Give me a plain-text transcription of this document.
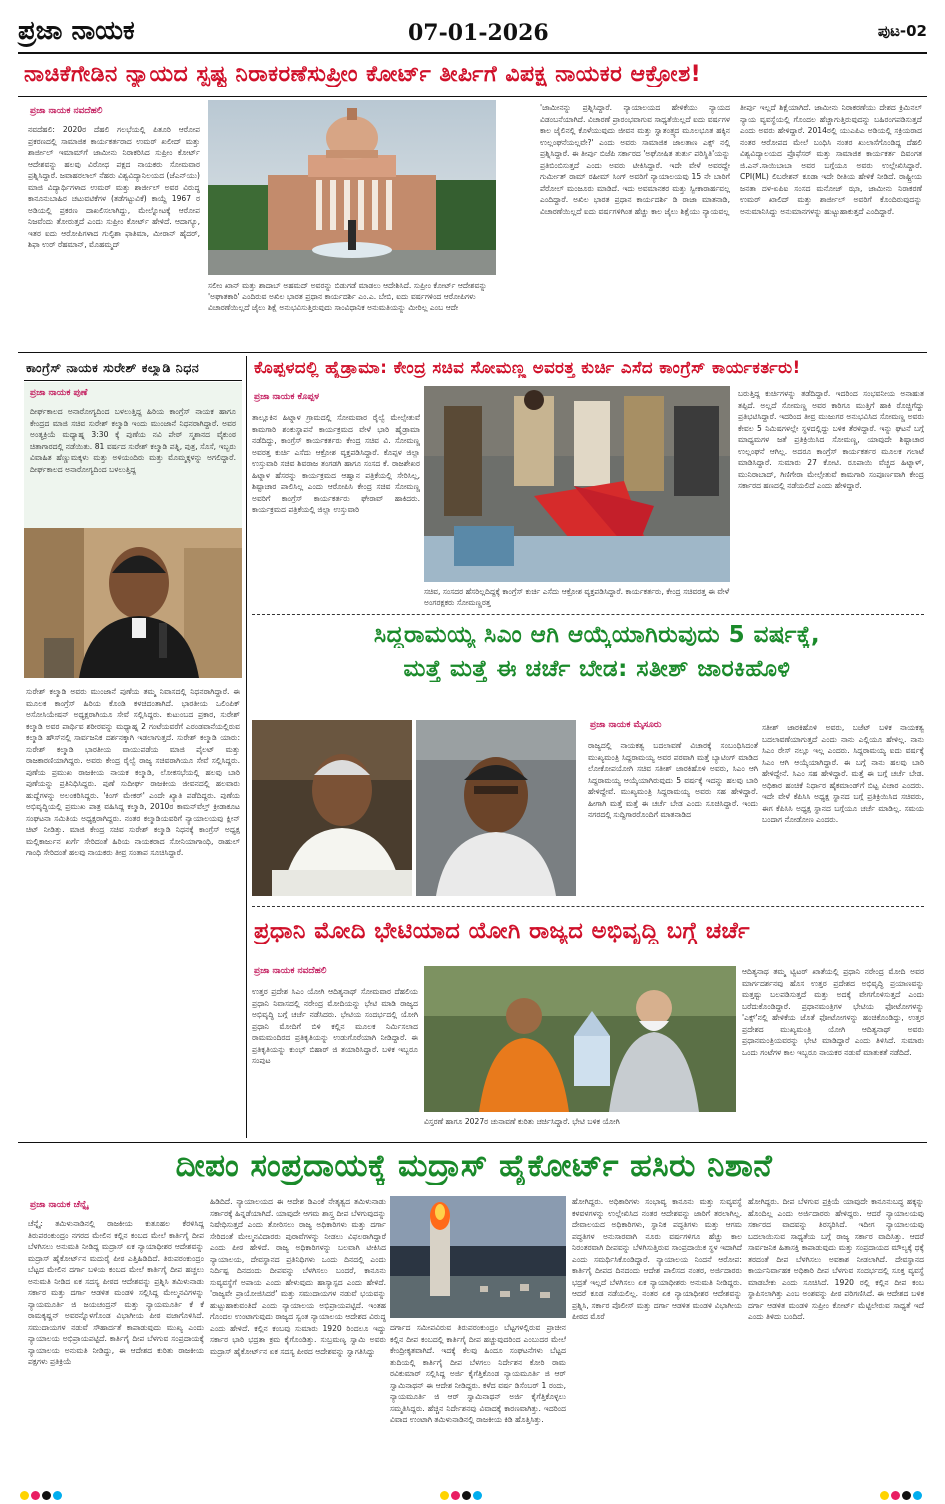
ಪ್ರಜಾ ನಾಯಕ	07-01-2026	ಪುಟ-02
ನಾಚಿಕೆಗೇಡಿನ ನ್ಯಾಯದ ಸ್ಪಷ್ಟ ನಿರಾಕರಣೆಸುಪ್ರೀಂ ಕೋರ್ಟ್ ತೀರ್ಪಿಗೆ ವಿಪಕ್ಷ ನಾಯಕರ ಆಕ್ರೋಶ!
ಪ್ರಜಾ ನಾಯಕ ನವದೆಹಲಿ
ನವದೆಹಲಿ: 2020ರ ದೆಹಲಿ ಗಲಭೆಯಲ್ಲಿ ಪಿತೂರಿ ಆರೋಪ ಪ್ರಕರಣದಲ್ಲಿ ಸಾಮಾಜಿಕ ಕಾರ್ಯಕರ್ತರಾದ ಉಮರ್ ಖಲೀದ್ ಮತ್ತು ಶಾರ್ಜೀಲ್ ಇಮಾಮ್‌ಗೆ ಜಾಮೀನು ನಿರಾಕರಿಸಿದ ಸುಪ್ರೀಂ ಕೋರ್ಟ್ ಆದೇಶವನ್ನು ಹಲವು ವಿರೋಧ ಪಕ್ಷದ ನಾಯಕರು ಸೋಮವಾರ ಪ್ರಶ್ನಿಸಿದ್ದಾರೆ. ಜವಾಹರಲಾಲ್ ನೆಹರು ವಿಶ್ವವಿದ್ಯಾನಿಲಯದ (ಜೆಎನ್‌ಯು) ಮಾಜಿ ವಿದ್ಯಾರ್ಥಿಗಳಾದ ಉಮರ್ ಮತ್ತು ಶಾರ್ಜೀಲ್ ಅವರ ವಿರುದ್ಧ ಕಾನೂನುಬಾಹಿರ ಚಟುವಟಿಕೆಗಳ (ತಡೆಗಟ್ಟುವಿಕೆ) ಕಾಯ್ದೆ 1967 ರ ಅಡಿಯಲ್ಲಿ ಪ್ರಕರಣ ದಾಖಲಿಸಲಾಗಿದ್ದು, ಮೇಲ್ನೋಟಕ್ಕೆ ಆರೋಪ ನಿಜವೆಂದು ತೋರುತ್ತದೆ ಎಂದು ಸುಪ್ರೀಂ ಕೋರ್ಟ್ ಹೇಳಿದೆ. ಆದಾಗ್ಯೂ, ಇತರ ಐದು ಆರೋಪಿಗಳಾದ ಗುಲ್ಫಿಶಾ ಫಾತಿಮಾ, ಮೀರಾನ್ ಹೈದರ್, ಶಿಫಾ ಉರ್ ರೆಹಮಾನ್, ಮೊಹಮ್ಮದ್
ಸಲೀಂ ಖಾನ್ ಮತ್ತು ಶಾದಾಬ್ ಅಹಮದ್ ಅವರನ್ನು ಬಿಡುಗಡೆ ಮಾಡಲು ಆದೇಶಿಸಿದೆ. ಸುಪ್ರೀಂ ಕೋರ್ಟ್ ಆದೇಶವನ್ನು 'ಅಘಾತಕಾರಿ' ಎಂದಿರುವ ಅಖಿಲ ಭಾರತ ಪ್ರಧಾನ ಕಾರ್ಯದರ್ಶಿ ಎಂ.ಎ. ಬೇಬಿ, ಐದು ವರ್ಷಗಳಿಂದ ಆರೋಪಿಗಳು ವಿಚಾರಣೆಯಿಲ್ಲದೆ ಜೈಲು ಶಿಕ್ಷೆ ಅನುಭವಿಸುತ್ತಿರುವುದು ಸಾಂವಿಧಾನಿಕ ಅನುಮತಿಯನ್ನು ಮೀರಿಲ್ಲ ಎಂಬ ಆದೇ
'ಜಾಮೀನನ್ನು ಪ್ರಶ್ನಿಸಿದ್ದಾರೆ. ನ್ಯಾಯಾಲಯದ ಹೇಳಿಕೆಯು ನ್ಯಾಯದ ವಿಡಂಬನೆಯಾಗಿದೆ. ವಿಚಾರಣೆ ಪ್ರಾರಂಭವಾಗುವ ಸಾಧ್ಯತೆಯಿಲ್ಲದೆ ಐದು ವರ್ಷಗಳ ಕಾಲ ಜೈಲಿನಲ್ಲಿ ಕೊಳೆಯುವುದು ಜೀವನ ಮತ್ತು ಸ್ವಾತಂತ್ರ್ಯದ ಮೂಲಭೂತ ಹಕ್ಕಿನ ಉಲ್ಲಂಘನೆಯಲ್ಲವೇ?' ಎಂದು ಅವರು ಸಾಮಾಜಿಕ ಜಾಲತಾಣ ಎಕ್ಸ್ ನಲ್ಲಿ ಪ್ರಶ್ನಿಸಿದ್ದಾರೆ. ಈ ತೀರ್ಪು ಬಿಜೆಪಿ ಸರ್ಕಾರದ 'ಅಘೋಷಿತ ತುರ್ತು ಪರಿಸ್ಥಿತಿ'ಯನ್ನು ಪ್ರತಿಬಿಂಬಿಸುತ್ತದೆ ಎಂದು ಅವರು ಟೀಕಿಸಿದ್ದಾರೆ. ಇದೇ ವೇಳೆ ಅವರದ್ದೇ ಗುರ್ಮೀತ್ ರಾಮ್ ರಹೀಮ್ ಸಿಂಗ್ ಅವರಿಗೆ ನ್ಯಾಯಾಲಯವು 15 ನೇ ಬಾರಿಗೆ ಪೆರೋಲ್ ಮಂಜೂರು ಮಾಡಿದೆ. ಇದು ಅವಮಾನಕರ ಮತ್ತು ಸ್ವೀಕಾರಾರ್ಹವಲ್ಲ ಎಂದಿದ್ದಾರೆ. ಅಖಿಲ ಭಾರತ ಪ್ರಧಾನ ಕಾರ್ಯದರ್ಶಿ ಡಿ ರಾಜಾ ಮಾತನಾಡಿ, ವಿಚಾರಣೆಯಿಲ್ಲದೆ ಐದು ವರ್ಷಗಳಿಗಿಂತ ಹೆಚ್ಚು ಕಾಲ ಜೈಲು ಶಿಕ್ಷೆಯು ನ್ಯಾಯವಲ್ಲ
ತೀರ್ಪು ಇಲ್ಲದೆ ಶಿಕ್ಷೆಯಾಗಿದೆ. ಜಾಮೀನು ನಿರಾಕರಣೆಯು ದೇಶದ ಕ್ರಿಮಿನಲ್ ನ್ಯಾಯ ವ್ಯವಸ್ಥೆಯಲ್ಲಿ ಗೊಂದಲ ಹೆಚ್ಚಾಗುತ್ತಿರುವುದನ್ನು ಬಹಿರಂಗಪಡಿಸುತ್ತದೆ ಎಂದು ಅವರು ಹೇಳಿದ್ದಾರೆ. 2014ರಲ್ಲಿ ಯುಎಪಿಎ ಅಡಿಯಲ್ಲಿ ಸಕ್ರಿಯರಾದ ನಂತರ ಆರೋಪದ ಮೇಲೆ ಬಂಧಿಸಿ ನಂತರ ಖುಲಾಸೆಗೊಂಡಿದ್ದ ದೆಹಲಿ ವಿಶ್ವವಿದ್ಯಾಲಯದ ಪ್ರೊಫೆಸರ್ ಮತ್ತು ಸಾಮಾಜಿಕ ಕಾರ್ಯಕರ್ತ ದಿವಂಗತ ಜಿ.ಎನ್.ಸಾಯಿಬಾಬಾ ಅವರ ಬಗ್ಗೆಯೂ ಅವರು ಉಲ್ಲೇಖಿಸಿದ್ದಾರೆ. CPI(ML) ಲಿಬರೇಶನ್ ಕೂಡಾ ಇದೇ ರೀತಿಯ ಹೇಳಿಕೆ ನೀಡಿದೆ. ರಾಷ್ಟ್ರೀಯ ಜನತಾ ದಳ-ಏಪಿಐ ಸಂಸದ ಮನೋಜ್ ಝಾ, ಜಾಮೀನು ನಿರಾಕರಣೆ ಉಮರ್ ಖಾಲಿದ್ ಮತ್ತು ಶಾರ್ಜೀಲ್ ಅವರಿಗೆ ಕೊಂದಿರುವುದನ್ನು ಅನುಮಾನಿಸಿದ್ದು ಅನುಮಾನಗಳನ್ನು ಹುಟ್ಟುಹಾಕುತ್ತದೆ ಎಂದಿದ್ದಾರೆ.
ಕಾಂಗ್ರೆಸ್ ನಾಯಕ ಸುರೇಶ್ ಕಲ್ಮಾಡಿ ನಿಧನ
ಪ್ರಜಾ ನಾಯಕ ಪುಣೆ
ದೀರ್ಘಕಾಲದ ಅನಾರೋಗ್ಯದಿಂದ ಬಳಲುತ್ತಿದ್ದ ಹಿರಿಯ ಕಾಂಗ್ರೆಸ್ ನಾಯಕ ಹಾಗೂ ಕೇಂದ್ರದ ಮಾಜಿ ಸಚಿವ ಸುರೇಶ್ ಕಲ್ಮಾಡಿ ಇಂದು ಮುಂಜಾನೆ ನಿಧನರಾಗಿದ್ದಾರೆ. ಅವರ ಅಂತ್ಯಕ್ರಿಯೆ ಮಧ್ಯಾಹ್ನ 3:30 ಕ್ಕೆ ಪುಣೆಯ ನವಿ ಪೇಠ್ ಸ್ಮಶಾನದ ವೈಕುಂಠ ಚಿತಾಗಾರದಲ್ಲಿ ನಡೆಯಿತು. 81 ವರ್ಷದ ಸುರೇಶ್ ಕಲ್ಮಾಡಿ ಪತ್ನಿ, ಪುತ್ರ, ಸೊಸೆ, ಇಬ್ಬರು ವಿವಾಹಿತ ಹೆಣ್ಣುಮಕ್ಕಳು ಮತ್ತು ಅಳಿಯಂದಿರು ಮತ್ತು ಮೊಮ್ಮಕ್ಕಳನ್ನು ಅಗಲಿದ್ದಾರೆ. ದೀರ್ಘಕಾಲದ ಅನಾರೋಗ್ಯದಿಂದ ಬಳಲುತ್ತಿದ್ದ
ಸುರೇಶ್ ಕಲ್ಮಾಡಿ ಅವರು ಮುಂಜಾನೆ ಪುಣೆಯ ತಮ್ಮ ನಿವಾಸದಲ್ಲಿ ನಿಧನರಾಗಿದ್ದಾರೆ. ಈ ಮೂಲಕ ಕಾಂಗ್ರೆಸ್ ಹಿರಿಯ ಕೊಂಡಿ ಕಳಚಿದಂತಾಗಿದೆ. ಭಾರತೀಯ ಒಲಿಂಪಿಕ್ ಅಸೋಸಿಯೇಷನ್ ಅಧ್ಯಕ್ಷರಾಗಿಯೂ ಸೇವೆ ಸಲ್ಲಿಸಿದ್ದರು. ಕುಟುಂಬದ ಪ್ರಕಾರ, ಸುರೇಶ್ ಕಲ್ಮಾಡಿ ಅವರ ಪಾರ್ಥಿವ ಶರೀರವನ್ನು ಮಧ್ಯಾಹ್ನ 2 ಗಂಟೆಯವರೆಗೆ ಎರಂಡವಾನೆಯಲ್ಲಿರುವ ಕಲ್ಮಾಡಿ ಹೌಸ್‌ನಲ್ಲಿ ಸಾರ್ವಜನಿಕ ದರ್ಶನಕ್ಕಾಗಿ ಇಡಲಾಗುತ್ತದೆ. ಸುರೇಶ್ ಕಲ್ಮಾಡಿ ಯಾರು: ಸುರೇಶ್ ಕಲ್ಮಾಡಿ ಭಾರತೀಯ ವಾಯುಪಡೆಯ ಮಾಜಿ ಪೈಲಟ್ ಮತ್ತು ರಾಜಕಾರಣಿಯಾಗಿದ್ದರು. ಅವರು ಕೇಂದ್ರ ರೈಲ್ವೆ ರಾಜ್ಯ ಸಚಿವರಾಗಿಯೂ ಸೇವೆ ಸಲ್ಲಿಸಿದ್ದರು. ಪುಣೆಯ ಪ್ರಮುಖ ರಾಜಕೀಯ ನಾಯಕ ಕಲ್ಮಾಡಿ, ಲೋಕಸಭೆಯಲ್ಲಿ ಹಲವು ಬಾರಿ ಪುಣೆಯನ್ನು ಪ್ರತಿನಿಧಿಸಿದ್ದರು. ಪುಣೆ ಸುದೀರ್ಘ ರಾಜಕೀಯ ಜೀವನದಲ್ಲಿ ಹಲವಾರು ಹುದ್ದೆಗಳನ್ನು ಅಲಂಕರಿಸಿದ್ದರು. 'ಕಿಂಗ್ ಮೇಕರ್' ಎಂದೇ ಖ್ಯಾತಿ ಪಡೆದಿದ್ದರು. ಪುಣೆಯ ಅಭಿವೃದ್ಧಿಯಲ್ಲಿ ಪ್ರಮುಖ ಪಾತ್ರ ವಹಿಸಿದ್ದ ಕಲ್ಮಾಡಿ, 2010ರ ಕಾಮನ್‌ವೆಲ್ತ್ ಕ್ರೀಡಾಕೂಟ ಸಂಘಟನಾ ಸಮಿತಿಯ ಅಧ್ಯಕ್ಷರಾಗಿದ್ದರು. ನಂತರ ಕಲ್ಮಾಡಿಯವರಿಗೆ ನ್ಯಾಯಾಲಯವು ಕ್ಲೀನ್ ಚಿಟ್ ನೀಡಿತ್ತು. ಮಾಜಿ ಕೇಂದ್ರ ಸಚಿವ ಸುರೇಶ್ ಕಲ್ಮಾಡಿ ನಿಧನಕ್ಕೆ ಕಾಂಗ್ರೆಸ್ ಅಧ್ಯಕ್ಷ ಮಲ್ಲಿಕಾರ್ಜುನ ಖರ್ಗೆ ಸೇರಿದಂತೆ ಹಿರಿಯ ನಾಯಕರಾದ ಸೋನಿಯಾಗಾಂಧಿ, ರಾಹುಲ್ ಗಾಂಧಿ ಸೇರಿದಂತೆ ಹಲವು ನಾಯಕರು ತೀವ್ರ ಸಂತಾಪ ಸೂಚಿಸಿದ್ದಾರೆ.
ಕೊಪ್ಪಳದಲ್ಲಿ ಹೈಡ್ರಾಮಾ: ಕೇಂದ್ರ ಸಚಿವ ಸೋಮಣ್ಣ ಅವರತ್ತ ಕುರ್ಚಿ ಎಸೆದ ಕಾಂಗ್ರೆಸ್ ಕಾರ್ಯಕರ್ತರು!
ಪ್ರಜಾ ನಾಯಕ ಕೊಪ್ಪಳ
ತಾಲ್ಲೂಕಿನ ಹಿಟ್ನಾಳ ಗ್ರಾಮದಲ್ಲಿ ಸೋಮವಾರ ರೈಲ್ವೆ ಮೇಲ್ಸೇತುವೆ ಕಾಮಗಾರಿ ಶಂಕುಸ್ಥಾಪನೆ ಕಾರ್ಯಕ್ರಮದ ವೇಳೆ ಭಾರಿ ಹೈಡ್ರಾಮಾ ನಡೆದಿದ್ದು, ಕಾಂಗ್ರೆಸ್ ಕಾರ್ಯಕರ್ತರು ಕೇಂದ್ರ ಸಚಿವ ವಿ. ಸೋಮಣ್ಣ ಅವರತ್ತ ಕುರ್ಚಿ ಎಸೆದು ಆಕ್ರೋಶ ವ್ಯಕ್ತಪಡಿಸಿದ್ದಾರೆ. ಕೊಪ್ಪಳ ಜಿಲ್ಲಾ ಉಸ್ತುವಾರಿ ಸಚಿವ ಶಿವರಾಜ ತಂಗಡಗಿ ಹಾಗೂ ಸಂಸದ ಕೆ. ರಾಜಶೇಖರ ಹಿಟ್ನಾಳ ಹೆಸರನ್ನು ಕಾರ್ಯಕ್ರಮದ ಆಹ್ವಾನ ಪತ್ರಿಕೆಯಲ್ಲಿ ಸೇರಿಸಿಲ್ಲ, ಶಿಷ್ಟಾಚಾರ ಪಾಲಿಸಿಲ್ಲ ಎಂದು ಆರೋಪಿಸಿ ಕೇಂದ್ರ ಸಚಿವ ಸೋಮಣ್ಣ ಅವರಿಗೆ ಕಾಂಗ್ರೆಸ್ ಕಾರ್ಯಕರ್ತರು ಘೇರಾವ್ ಹಾಕಿದರು. ಕಾರ್ಯಕ್ರಮದ ಪತ್ರಿಕೆಯಲ್ಲಿ ಜಿಲ್ಲಾ ಉಸ್ತುವಾರಿ
ಸಚಿವ, ಸಂಸದರ ಹೆಸರಿಲ್ಲದಿದ್ದಕ್ಕೆ ಕಾಂಗ್ರೆಸ್ ಕುರ್ಚಿ ಎಸೆದು ಆಕ್ರೋಶ ವ್ಯಕ್ತಪಡಿಸಿದ್ದಾರೆ. ಕಾರ್ಯಕರ್ತರು, ಕೇಂದ್ರ ಸಚಿವರತ್ತ ಈ ವೇಳೆ ಅಂಗರಕ್ಷಕರು ಸೋಮಣ್ಣರತ್ತ
ಬರುತ್ತಿದ್ದ ಕುರ್ಚಿಗಳನ್ನು ತಡೆದಿದ್ದಾರೆ. ಇದರಿಂದ ಸಂಭವನೀಯ ಅನಾಹುತ ತಪ್ಪಿದೆ. ಅಲ್ಲದೆ ಸೋಮಣ್ಣ ಅವರ ಕಾರಿಗೂ ಮುತ್ತಿಗೆ ಹಾಕಿ ರೊಚ್ಚಿಗೆದ್ದು ಪ್ರತಿಭಟಿಸಿದ್ದಾರೆ. ಇದರಿಂದ ತೀವ್ರ ಮುಜುಗರ ಅನುಭವಿಸಿದ ಸೋಮಣ್ಣ ಅವರು ಕೇವಲ 5 ನಿಮಿಷಗಳಲ್ಲೇ ಸ್ಥಳದಲ್ಲಿದ್ದು ಬಳಿಕ ತೆರಳಿದ್ದಾರೆ. ಇನ್ನು ಘಟನೆ ಬಗ್ಗೆ ಮಾಧ್ಯಮಗಳ ಜತೆ ಪ್ರತಿಕ್ರಿಯಿಸಿದ ಸೋಮಣ್ಣ, ಯಾವುದೇ ಶಿಷ್ಟಾಚಾರ ಉಲ್ಲಂಘನೆ ಆಗಿಲ್ಲ. ಅದರೂ ಕಾಂಗ್ರೆಸ್ ಕಾರ್ಯಕರ್ತರ ಮೂಲಕ ಗಲಾಟೆ ಮಾಡಿಸಿದ್ದಾರೆ. ಸುಮಾರು 27 ಕೋಟಿ. ರೂಪಾಯಿ ವೆಚ್ಚದ ಹಿಟ್ನಾಳ್, ಮುನಿರಾಬಾದ್, ಗಿಣಿಗೇರಾ ಮೇಲ್ಸೇತುವೆ ಕಾಮಗಾರಿ ಸಂಪೂರ್ಣವಾಗಿ ಕೇಂದ್ರ ಸರ್ಕಾರದ ಹಣದಲ್ಲಿ ನಡೆಯಲಿದೆ ಎಂದು ಹೇಳಿದ್ದಾರೆ.
ಸಿದ್ದರಾಮಯ್ಯ ಸಿಎಂ ಆಗಿ ಆಯ್ಕೆಯಾಗಿರುವುದು 5 ವರ್ಷಕ್ಕೆ,
ಮತ್ತೆ ಮತ್ತೆ ಈ ಚರ್ಚೆ ಬೇಡ: ಸತೀಶ್ ಜಾರಕಿಹೊಳಿ
ಪ್ರಜಾ ನಾಯಕ ಮೈಸೂರು
ರಾಜ್ಯದಲ್ಲಿ ನಾಯಕತ್ವ ಬದಲಾವಣೆ ವಿಚಾರಕ್ಕೆ ಸಂಬಂಧಿಸಿದಂತೆ ಮುಖ್ಯಮಂತ್ರಿ ಸಿದ್ದರಾಮಯ್ಯ ಅವರ ಪರವಾಗಿ ಮತ್ತೆ ಬ್ಯಾಟಿಂಗ್ ಮಾಡಿದ ಲೋಕೋಪಯೋಗಿ ಸಚಿವ ಸತೀಶ್ ಜಾರಕಿಹೊಳಿ ಅವರು, ಸಿಎಂ ಆಗಿ ಸಿದ್ದರಾಮಯ್ಯ ಆಯ್ಕೆಯಾಗಿರುವುದು 5 ವರ್ಷಕ್ಕೆ ಇದನ್ನು ಹಲವು ಬಾರಿ ಹೇಳಿದ್ದೇವೆ. ಮುಖ್ಯಮಂತ್ರಿ ಸಿದ್ದರಾಮಯ್ಯ ಅವರು ಸಹ ಹೇಳಿದ್ದಾರೆ. ಹೀಗಾಗಿ ಮತ್ತೆ ಮತ್ತೆ ಈ ಚರ್ಚೆ ಬೇಡ ಎಂದು ಸೂಚಿಸಿದ್ದಾರೆ. ಇಂದು ನಗರದಲ್ಲಿ ಸುದ್ದಿಗಾರರೊಂದಿಗೆ ಮಾತನಾಡಿದ
ಸತೀಶ್ ಜಾರಕಿಹೊಳಿ ಅವರು, ಬಜೆಟ್ ಬಳಿಕ ನಾಯಕತ್ವ ಬದಲಾವಣೆಯಾಗುತ್ತದೆ ಎಂದು ನಾನು ಎಲ್ಲಿಯೂ ಹೇಳಿಲ್ಲ. ನಾನು ಸಿಎಂ ರೇಸ್ ನಲ್ಲೂ ಇಲ್ಲ ಎಂದರು. ಸಿದ್ದರಾಮಯ್ಯ ಐದು ವರ್ಷಕ್ಕೆ ಸಿಎಂ ಆಗಿ ಆಯ್ಕೆಯಾಗಿದ್ದಾರೆ. ಈ ಬಗ್ಗೆ ನಾನು ಹಲವು ಬಾರಿ ಹೇಳಿದ್ದೇನೆ. ಸಿಎಂ ಸಹ ಹೇಳಿದ್ದಾರೆ. ಮತ್ತೆ ಈ ಬಗ್ಗೆ ಚರ್ಚೆ ಬೇಡ. ಅಧಿಕಾರ ಹಂಚಿಕೆ ನಿರ್ಧಾರ ಹೈಕಮಾಂಡ್‌ಗೆ ಬಿಟ್ಟ ವಿಚಾರ ಎಂದರು. ಇದೇ ವೇಳೆ ಕೆಪಿಸಿಸಿ ಅಧ್ಯಕ್ಷ ಸ್ಥಾನದ ಬಗ್ಗೆ ಪ್ರತಿಕ್ರಿಯಿಸಿದ ಸಚಿವರು, ಈಗ ಕೆಪಿಸಿಸಿ ಅಧ್ಯಕ್ಷ ಸ್ಥಾನದ ಬಗ್ಗೆಯೂ ಚರ್ಚೆ ಮಾಡಿಲ್ಲ. ಸಮಯ ಬಂದಾಗ ನೋಡೋಣ ಎಂದರು.
ಪ್ರಧಾನಿ ಮೋದಿ ಭೇಟಿಯಾದ ಯೋಗಿ ರಾಜ್ಯದ ಅಭಿವೃದ್ಧಿ ಬಗ್ಗೆ ಚರ್ಚೆ
ಪ್ರಜಾ ನಾಯಕ ನವದೆಹಲಿ
ಉತ್ತರ ಪ್ರದೇಶ ಸಿಎಂ ಯೋಗಿ ಆದಿತ್ಯನಾಥ್ ಸೋಮವಾರ ದೆಹಲಿಯ ಪ್ರಧಾನಿ ನಿವಾಸದಲ್ಲಿ ನರೇಂದ್ರ ಮೋದಿಯನ್ನು ಭೇಟಿ ಮಾಡಿ ರಾಜ್ಯದ ಅಭಿವೃದ್ಧಿ ಬಗ್ಗೆ ಚರ್ಚೆ ನಡೆಸಿದರು. ಭೇಟಿಯ ಸಂದರ್ಭದಲ್ಲಿ ಯೋಗಿ ಪ್ರಧಾನಿ ಮೋದಿಗೆ ಬಿಳಿ ಕಲ್ಲಿನ ಮೂಲಕ ನಿರ್ಮಿಸಲಾದ ರಾಮಮಂದಿರದ ಪ್ರತಿಕೃತಿಯನ್ನು ಉಡುಗೊರೆಯಾಗಿ ನೀಡಿದ್ದಾರೆ. ಈ ಪ್ರತಿಕೃತಿಯನ್ನು ಕುಂಭ್ ಬಿಹಾರ್ ಜಿ ತಯಾರಿಸಿದ್ದಾರೆ. ಬಳಿಕ ಇಬ್ಬರೂ ಸಂಪುಟ
ವಿಸ್ತರಣೆ ಹಾಗೂ 2027ರ ಚುನಾವಣೆ ಕುರಿತು ಚರ್ಚಿಸಿದ್ದಾರೆ. ಭೇಟಿ ಬಳಿಕ ಯೋಗಿ
ಆದಿತ್ಯನಾಥ ತಮ್ಮ ಟ್ವಿಟರ್ ಖಾತೆಯಲ್ಲಿ ಪ್ರಧಾನಿ ನರೇಂದ್ರ ಮೋದಿ ಅವರ ಮಾರ್ಗದರ್ಶನವು ಹೊಸ ಉತ್ತರ ಪ್ರದೇಶದ ಅಭಿವೃದ್ಧಿ ಪ್ರಯಾಣವನ್ನು ಮತ್ತಷ್ಟು ಬಲಪಡಿಸುತ್ತದೆ ಮತ್ತು ಅದಕ್ಕೆ ವೇಗಗೊಳಿಸುತ್ತದೆ ಎಂದು ಬರೆದುಕೊಂಡಿದ್ದಾರೆ. ಪ್ರಧಾನಮಂತ್ರಿಗಳ ಭೇಟಿಯ ಫೋಟೋಗಳನ್ನು 'ಎಕ್ಸ್'ನಲ್ಲಿ ಹೇಳಿಕೆಯ ಜೊತೆ ಫೋಟೋಗಳನ್ನು ಹಂಚಿಕೊಂಡಿದ್ದು, ಉತ್ತರ ಪ್ರದೇಶದ ಮುಖ್ಯಮಂತ್ರಿ ಯೋಗಿ ಆದಿತ್ಯನಾಥ್ ಅವರು ಪ್ರಧಾನಮಂತ್ರಿಯವರನ್ನು ಭೇಟಿ ಮಾಡಿದ್ದಾರೆ ಎಂದು ತಿಳಿಸಿದೆ. ಸುಮಾರು ಒಂದು ಗಂಟೆಗಳ ಕಾಲ ಇಬ್ಬರೂ ನಾಯಕರ ನಡುವೆ ಮಾತುಕತೆ ನಡೆದಿದೆ.
ದೀಪಂ ಸಂಪ್ರದಾಯಕ್ಕೆ ಮದ್ರಾಸ್ ಹೈಕೋರ್ಟ್ ಹಸಿರು ನಿಶಾನೆ
ಪ್ರಜಾ ನಾಯಕ ಚೆನ್ನೈ
ಚೆನ್ನೈ: ತಮಿಳುನಾಡಿನಲ್ಲಿ ರಾಜಕೀಯ ಕುತೂಹಲ ಕೆರಳಿಸಿದ್ದ ತಿರುಪರಂಕುಂದ್ರಂ ನಗರದ ಮೇಲಿನ ಕಲ್ಲಿನ ಕಂಬದ ಮೇಲೆ ಕಾರ್ತಿಗೈ ದೀಪ ಬೆಳಗಿಸಲು ಅನುಮತಿ ನೀಡಿದ್ದ ಮದ್ರಾಸ್ ಏಕ ನ್ಯಾಯಾಧೀಶರ ಆದೇಶವನ್ನು ಮದ್ರಾಸ್ ಹೈಕೋರ್ಟ್‌ನ ಮದುರೈ ಪೀಠ ಎತ್ತಿಹಿಡಿದಿದೆ. ತಿರುಪರಂಕುಂದ್ರಂ ಬೆಟ್ಟದ ಮೇಲಿನ ದರ್ಗಾ ಬಳಿಯ ಕಂಬದ ಮೇಲೆ ಕಾರ್ತಿಗೈ ದೀಪ ಹಚ್ಚಲು ಅನುಮತಿ ನೀಡಿದ ಏಕ ಸದಸ್ಯ ಪೀಠದ ಆದೇಶವನ್ನು ಪ್ರಶ್ನಿಸಿ ತಮಿಳುನಾಡು ಸರ್ಕಾರ ಮತ್ತು ದರ್ಗಾ ಆಡಳಿತ ಮಂಡಳಿ ಸಲ್ಲಿಸಿದ್ದ ಮೇಲ್ಮನವಿಗಳನ್ನು ನ್ಯಾಯಮೂರ್ತಿ ಜಿ ಜಯಚಂದ್ರನ್ ಮತ್ತು ನ್ಯಾಯಮೂರ್ತಿ ಕೆ ಕೆ ರಾಮಕೃಷ್ಣನ್ ಅವರನ್ನೊಳಗೊಂಡ ವಿಭಾಗೀಯ ಪೀಠ ವಜಾಗೊಳಿಸಿದೆ. ಸಮುದಾಯಗಳ ನಡುವೆ ಸೌಹಾರ್ದತೆ ಕಾಪಾಡುವುದು ಮುಖ್ಯ ಎಂದು ನ್ಯಾಯಾಲಯ ಅಭಿಪ್ರಾಯಪಟ್ಟಿದೆ. ಕಾರ್ತಿಗೈ ದೀಪ ಬೆಳಗುವ ಸಂಪ್ರದಾಯಕ್ಕೆ ನ್ಯಾಯಾಲಯ ಅನುಮತಿ ನೀಡಿದ್ದು, ಈ ಆದೇಶದ ಕುರಿತು ರಾಜಕೀಯ ಪಕ್ಷಗಳು ಪ್ರತಿಕ್ರಿಯೆ
ಹಿಡಿದಿದೆ. ನ್ಯಾಯಾಲಯದ ಈ ಆದೇಶ ಡಿಎಂಕೆ ನೇತೃತ್ವದ ತಮಿಳುನಾಡು ಸರ್ಕಾರಕ್ಕೆ ಹಿನ್ನಡೆಯಾಗಿದೆ. ಯಾವುದೇ ಆಗಮ ಶಾಸ್ತ್ರ ದೀಪ ಬೆಳಗುವುದನ್ನು ನಿಷೇಧಿಸುತ್ತದೆ ಎಂದು ತೋರಿಸಲು ರಾಜ್ಯ ಅಧಿಕಾರಿಗಳು ಮತ್ತು ದರ್ಗಾ ಸೇರಿದಂತೆ ಮೇಲ್ಮನವಿದಾರರು ಪುರಾವೆಗಳನ್ನು ನೀಡಲು ವಿಫಲರಾಗಿದ್ದಾರೆ ಎಂದು ಪೀಠ ಹೇಳಿದೆ. ರಾಜ್ಯ ಅಧಿಕಾರಿಗಳನ್ನು ಬಲವಾಗಿ ಟೀಕಿಸಿದ ನ್ಯಾಯಾಲಯ, ದೇವಸ್ಥಾನದ ಪ್ರತಿನಿಧಿಗಳು ಒಂದು ದಿನದಲ್ಲಿ ಎಂದು ನಿರ್ದಿಷ್ಟ ದಿನದಂದು ದೀಪವನ್ನು ಬೆಳಗಿಸಲು ಬಂದರೆ, ಕಾನೂನು ಸುವ್ಯವಸ್ಥೆಗೆ ಅಪಾಯ ಎಂದು ಹೇಳುವುದು ಹಾಸ್ಯಾಸ್ಪದ ಎಂದು ಹೇಳಿದೆ. 'ರಾಜ್ಯವೇ ಪ್ರಾಯೋಜಿಸಿದರೆ' ಮತ್ತು ಸಮುದಾಯಗಳ ನಡುವೆ ಭಯವನ್ನು ಹುಟ್ಟುಹಾಕುವಂತಿದೆ ಎಂದು ನ್ಯಾಯಾಲಯ ಅಭಿಪ್ರಾಯಪಟ್ಟಿದೆ. ಇಂತಹ ಗೊಂದಲ ಉಂಟಾಗುವುದು ರಾಜ್ಯದ ಸ್ವಂತ ನ್ಯಾಯಾಲಯ ಆದೇಶದ ವಿರುದ್ಧ ಎಂದು ಹೇಳಿದೆ. ಕಲ್ಲಿನ ಕಂಬವು ಸುಮಾರು 1920 ರಿಂದಲೂ ಇದ್ದು ಸರ್ಕಾರ ಭಾರಿ ಭದ್ರತಾ ಕ್ರಮ ಕೈಗೊಂಡಿತ್ತು. ಸುಬ್ರಮಣ್ಯ ಸ್ವಾಮಿ ಅವರು ಮದ್ರಾಸ್ ಹೈಕೋರ್ಟ್‌ನ ಏಕ ಸದಸ್ಯ ಪೀಠದ ಆದೇಶವನ್ನು ಸ್ವಾಗತಿಸಿದ್ದು
ದರ್ಗಾದ ಸಮೀಪವಿರುವ ತಿರುಪರಂಕುಂದ್ರಂ ಬೆಟ್ಟಗಳಲ್ಲಿರುವ ಪ್ರಾಚೀನ ಕಲ್ಲಿನ ದೀಪ ಕಂಬದಲ್ಲಿ ಕಾರ್ತಿಗೈ ದೀಪ ಹಚ್ಚುವುದರಿಂದ ಎಂಬುದರ ಮೇಲೆ ಕೇಂದ್ರೀಕೃತವಾಗಿದೆ. ಇದಕ್ಕೆ ಕೆಲವು ಹಿಂದೂ ಸಂಘಟನೆಗಳು ಬೆಟ್ಟದ ತುದಿಯಲ್ಲಿ ಕಾರ್ತಿಗೈ ದೀಪ ಬೆಳಗಲು ನಿರ್ದೇಶನ ಕೋರಿ ರಾಮ ರವಿಕುಮಾರ್ ಸಲ್ಲಿಸಿದ್ದ ಅರ್ಜಿ ಕೈಗೆತ್ತಿಕೊಂಡ ನ್ಯಾಯಮೂರ್ತಿ ಜಿ ಆರ್ ಸ್ವಾಮಿನಾಥನ್ ಈ ಆದೇಶ ನೀಡಿದ್ದರು. ಕಳೆದ ವರ್ಷ ಡಿಸೆಂಬರ್ 1 ರಂದು, ನ್ಯಾಯಮೂರ್ತಿ ಜಿ ಆರ್ ಸ್ವಾಮಿನಾಥನ್ ಅರ್ಜಿ ಕೈಗೆತ್ತಿಕೊಳ್ಳಲು ಸಮ್ಮತಿಸಿದ್ದರು. ಹೆಚ್ಚಿನ ನಿರ್ದೇಶನವು ವಿವಾದಕ್ಕೆ ಕಾರಣವಾಗಿತ್ತು. ಇದರಿಂದ ವಿವಾದ ಉಂಟಾಗಿ ತಮಿಳುನಾಡಿನಲ್ಲಿ ರಾಜಕೀಯ ಕಿಡಿ ಹೊತ್ತಿಸಿತ್ತು.
ಹೋಗಿದ್ದರು. ಅಧಿಕಾರಿಗಳು ಸಂಭಾವ್ಯ ಕಾನೂನು ಮತ್ತು ಸುವ್ಯವಸ್ಥೆ ಕಳವಳಗಳನ್ನು ಉಲ್ಲೇಖಿಸಿದ ನಂತರ ಆದೇಶವನ್ನು ಜಾರಿಗೆ ತರಲಾಗಿಲ್ಲ. ದೇವಾಲಯದ ಅಧಿಕಾರಿಗಳು, ಸ್ಥಾನಿಕ ಪದ್ಧತಿಗಳು ಮತ್ತು ಆಗಮ ಪದ್ಧತಿಗಳ ಅನುಸಾರವಾಗಿ ನೂರು ವರ್ಷಗಳಿಗೂ ಹೆಚ್ಚು ಕಾಲ ನಿರಂತರವಾಗಿ ದೀಪವನ್ನು ಬೆಳಗಿಸುತ್ತಿರುವ ಸಾಂಪ್ರದಾಯಿಕ ಸ್ಥಳ ಇದಾಗಿದೆ ಎಂದು ಸಮರ್ಥಿಸಿಕೊಂಡಿದ್ದಾರೆ. ನ್ಯಾಯಾಲಯ ನಿಂದನೆ ಆರೋಪ: ಕಾರ್ತಿಗೈ ದೀಪದ ದಿನದಂದು ಆದೇಶ ಪಾಲಿಸದ ನಂತರ, ಅರ್ಜಿದಾರರು ಭದ್ರತೆ ಇಲ್ಲದೆ ಬೆಳಗಿಸಲು ಏಕ ನ್ಯಾಯಾಧೀಶರು ಅನುಮತಿ ನೀಡಿದ್ದರು. ಆದರೆ ಕೂಡ ನಡೆಯಲಿಲ್ಲ. ನಂತರ ಏಕ ನ್ಯಾಯಾಧೀಶರ ಆದೇಶವನ್ನು ಪ್ರಶ್ನಿಸಿ, ಸರ್ಕಾರ ಪೊಲೀಸ್ ಮತ್ತು ದರ್ಗಾ ಆಡಳಿತ ಮಂಡಳಿ ವಿಭಾಗೀಯ ಪೀಠದ ಮೊರೆ
ಹೋಗಿದ್ದರು. ದೀಪ ಬೆಳಗುವ ಪ್ರಕ್ರಿಯೆ ಯಾವುದೇ ಕಾನೂನುಬದ್ಧ ಹಕ್ಕನ್ನು ಹೊಂದಿಲ್ಲ ಎಂದು ಅರ್ಜಿದಾರರು ಹೇಳಿದ್ದರು. ಆದರೆ ನ್ಯಾಯಾಲಯವು ಸರ್ಕಾರದ ವಾದವನ್ನು ತಿರಸ್ಕರಿಸಿದೆ. ಇದೀಗ ನ್ಯಾಯಾಲಯವು ಬದಲಾಯಿಸುವ ಸಾಧ್ಯತೆಯ ಬಗ್ಗೆ ರಾಜ್ಯ ಸರ್ಕಾರ ವಾದಿಸಿತ್ತು. ಆದರೆ ಸಾರ್ವಜನಿಕ ಹಿತಾಸಕ್ತಿ ಕಾಪಾಡುವುದು ಮತ್ತು ಸಂಪ್ರದಾಯದ ಮೌಲ್ಯಕ್ಕೆ ಧಕ್ಕೆ ತರದಂತೆ ದೀಪ ಬೆಳಗಿಸಲು ಅವಕಾಶ ನೀಡಲಾಗಿದೆ. ದೇವಸ್ಥಾನದ ಕಾರ್ಯನಿರ್ವಾಹಕ ಅಧಿಕಾರಿ ದೀಪ ಬೆಳಗುವ ಸಂದರ್ಭದಲ್ಲಿ ಸೂಕ್ತ ವ್ಯವಸ್ಥೆ ಮಾಡಬೇಕು ಎಂದು ಸೂಚಿಸಿದೆ. 1920 ರಲ್ಲಿ ಕಲ್ಲಿನ ದೀಪ ಕಂಬ ಸ್ಥಾಪಿಸಲಾಗಿತ್ತು ಎಂಬ ಅಂಶವನ್ನು ಪೀಠ ಪರಿಗಣಿಸಿದೆ. ಈ ಆದೇಶದ ಬಳಿಕ ದರ್ಗಾ ಆಡಳಿತ ಮಂಡಳಿ ಸುಪ್ರೀಂ ಕೋರ್ಟ್ ಮೆಟ್ಟಿಲೇರುವ ಸಾಧ್ಯತೆ ಇದೆ ಎಂದು ತಿಳಿದು ಬಂದಿದೆ.
